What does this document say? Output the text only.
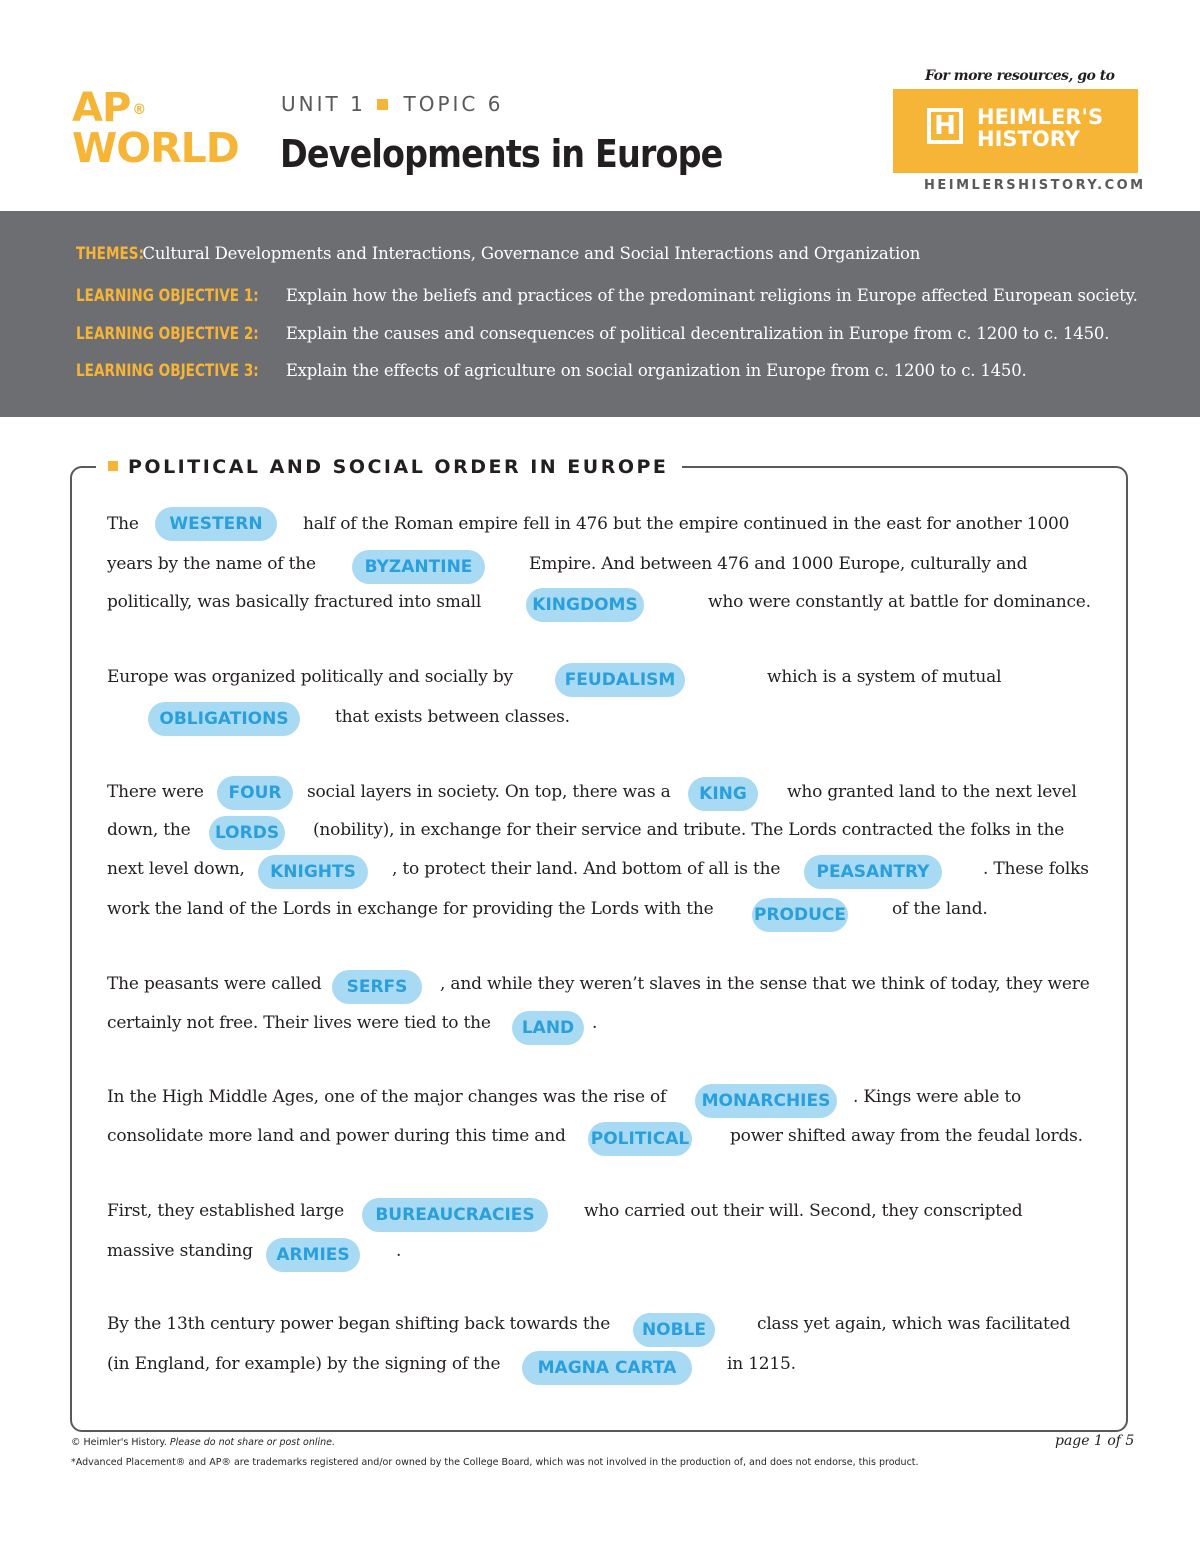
AP ®
WORLD
UNIT 1 TOPIC 6
Developments in Europe
For more resources, go to
H	HEIMLER'S
HISTORY
HEIMLERSHISTORY.COM
THEMES: Cultural Developments and Interactions, Governance and Social Interactions and Organization
LEARNING OBJECTIVE 1: Explain how the beliefs and practices of the predominant religions in Europe affected European society.
LEARNING OBJECTIVE 2: Explain the causes and consequences of political decentralization in Europe from c. 1200 to c. 1450.
LEARNING OBJECTIVE 3: Explain the effects of agriculture on social organization in Europe from c. 1200 to c. 1450.
POLITICAL AND SOCIAL ORDER IN EUROPE
The	WESTERN	half of the Roman empire fell in 476 but the empire continued in the east for another 1000
years by the name of the	BYZANTINE	Empire. And between 476 and 1000 Europe, culturally and
politically, was basically fractured into small	KINGDOMS	who were constantly at battle for dominance.
Europe was organized politically and socially by	FEUDALISM	which is a system of mutual
OBLIGATIONS	that exists between classes.
There were	FOUR	social layers in society. On top, there was a	KING	who granted land to the next level
down, the	LORDS	(nobility), in exchange for their service and tribute. The Lords contracted the folks in the
next level down,	KNIGHTS	, to protect their land. And bottom of all is the	PEASANTRY	. These folks
work the land of the Lords in exchange for providing the Lords with the PRODUCE	of the land.
The peasants were called	SERFS	, and while they weren’t slaves in the sense that we think of today, they were
certainly not free. Their lives were tied to the	LAND	.
In the High Middle Ages, one of the major changes was the rise of	MONARCHIES	. Kings were able to
consolidate more land and power during this time and POLITICAL power shifted away from the feudal lords.
First, they established large	BUREAUCRACIES	who carried out their will. Second, they conscripted
massive standing	ARMIES	.
By the 13th century power began shifting back towards the	NOBLE	class yet again, which was facilitated
(in England, for example) by the signing of the	MAGNA CARTA	in 1215.
© Heimler's History. Please do not share or post online.
*Advanced Placement® and AP® are trademarks registered and/or owned by the College Board, which was not involved in the production of, and does not endorse, this product.
page 1 of 5
